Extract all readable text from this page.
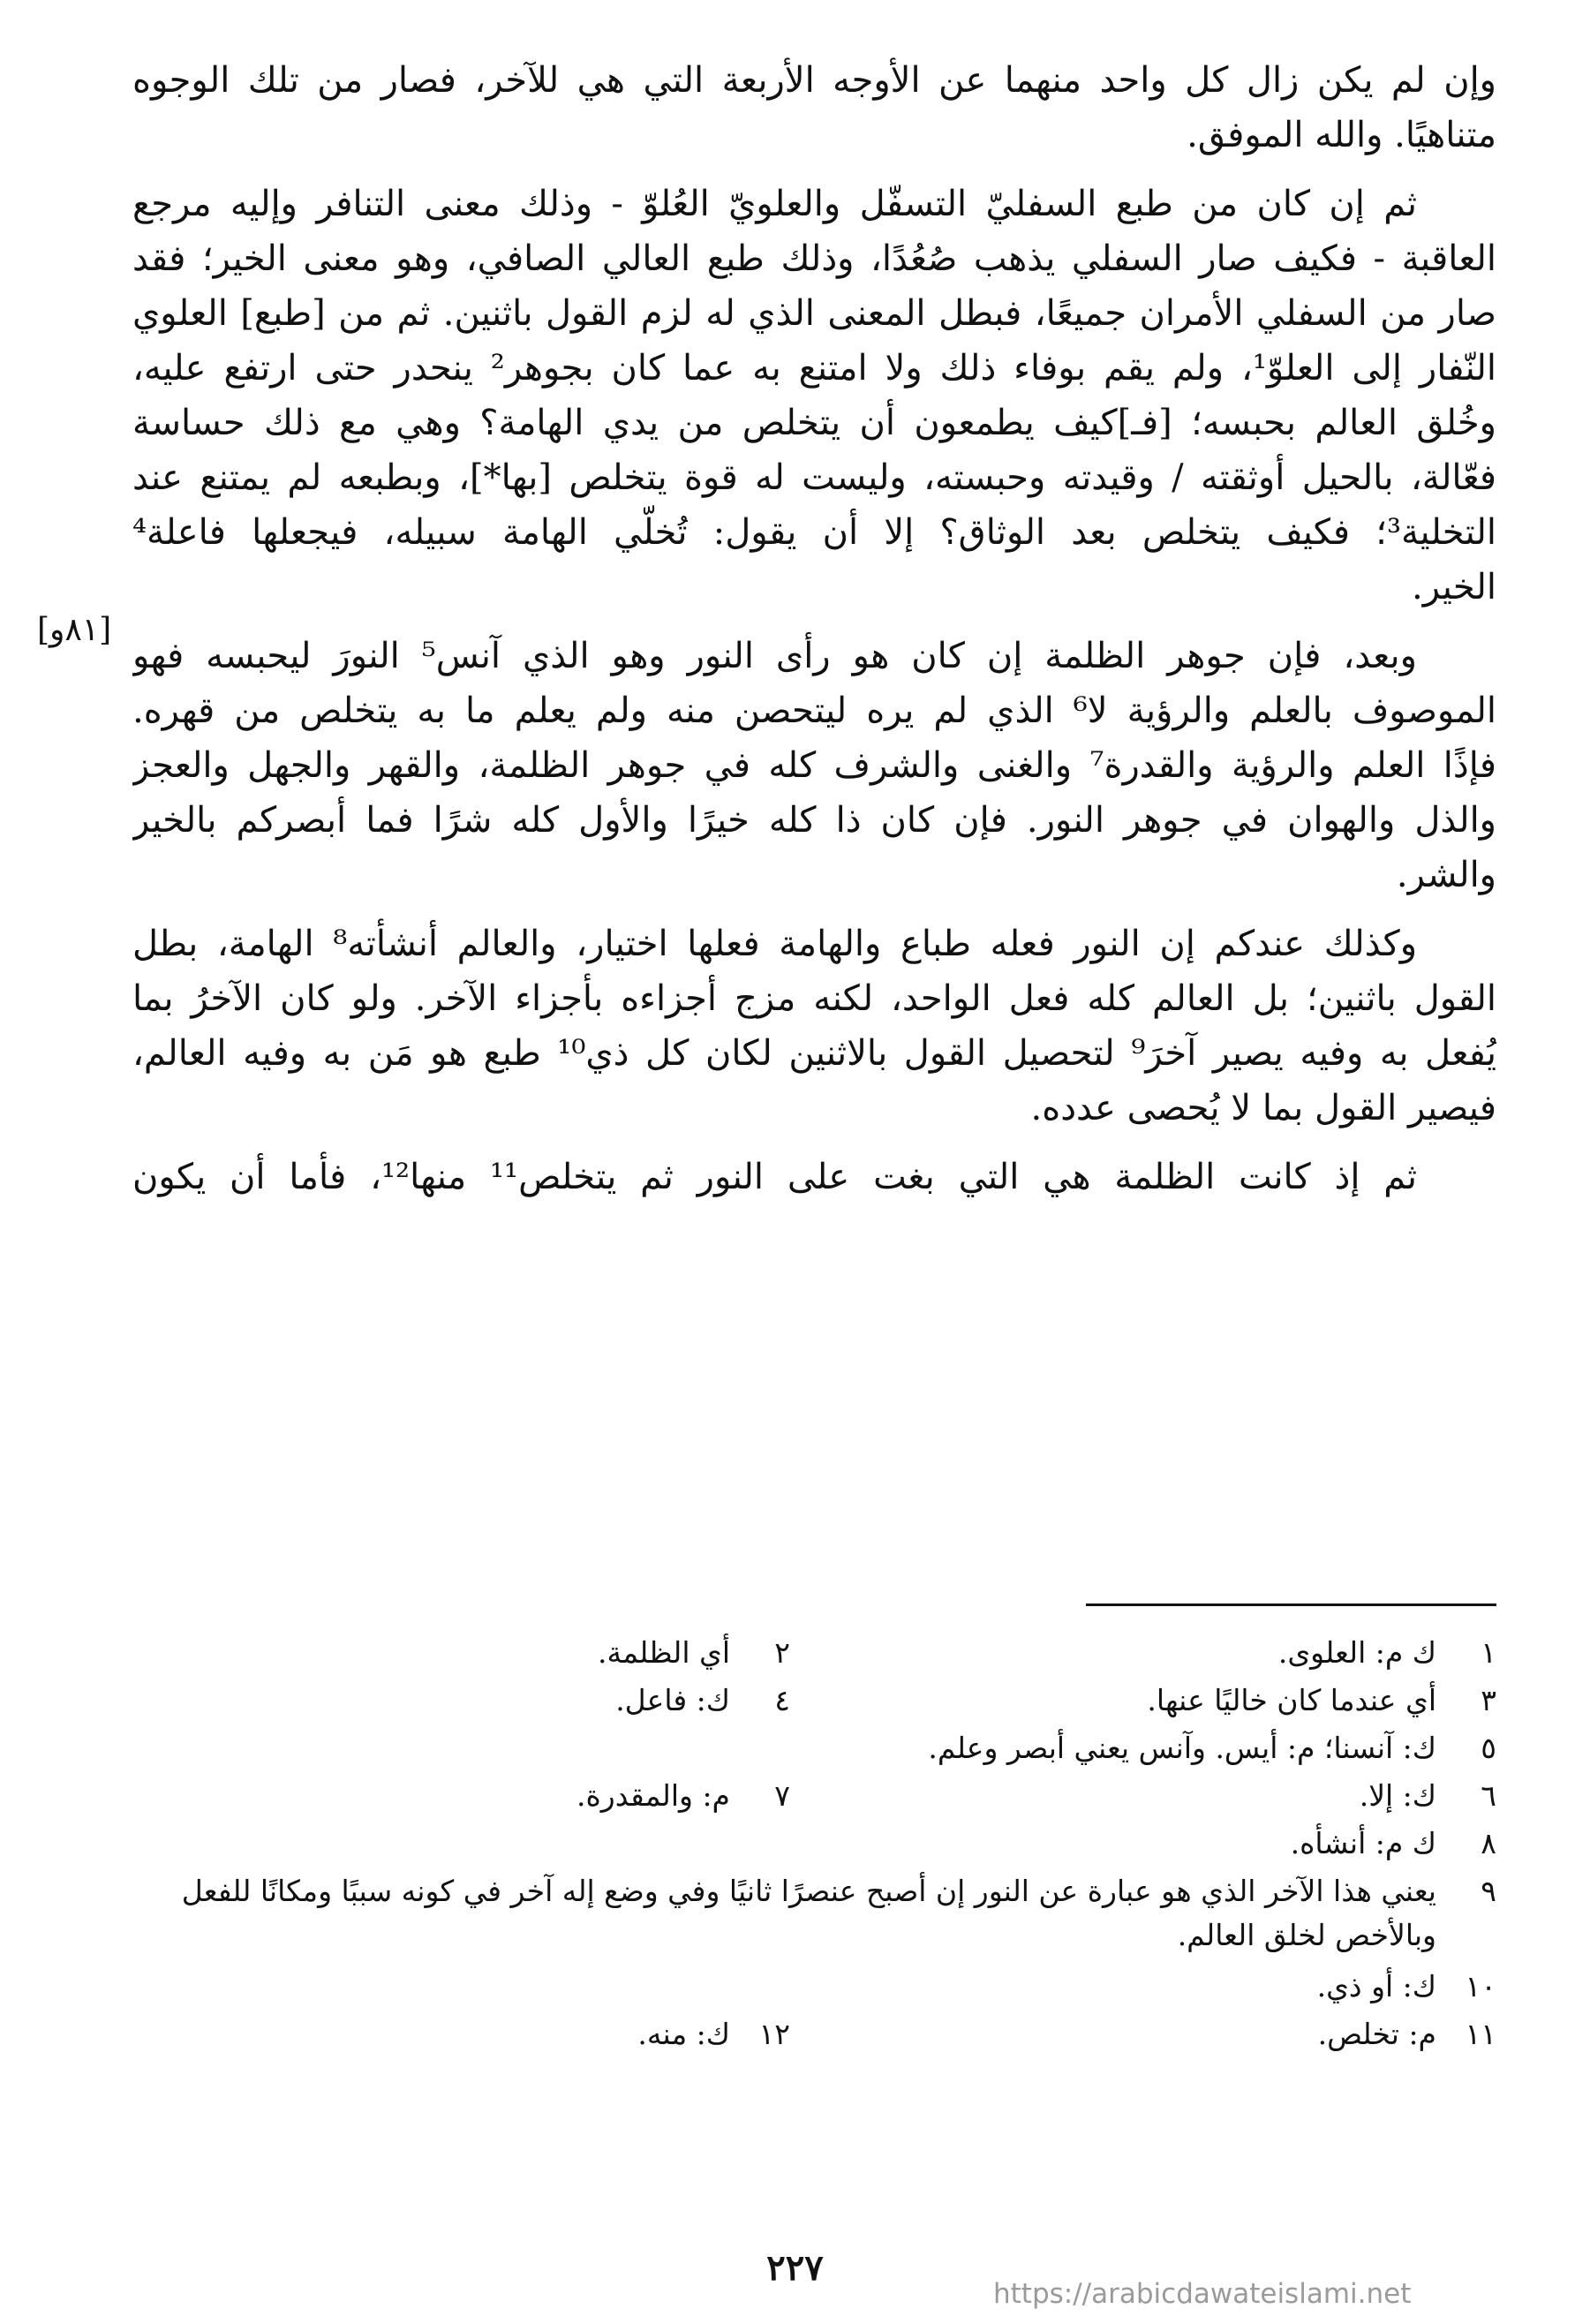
وإن لم يكن زال كل واحد منهما عن الأوجه الأربعة التي هي للآخر، فصار من تلك الوجوه
متناهيًا. والله الموفق.
ثم إن كان من طبع السفليّ التسفّل والعلويّ العُلوّ - وذلك معنى التنافر وإليه مرجع
العاقبة - فكيف صار السفلي يذهب صُعُدًا، وذلك طبع العالي الصافي، وهو معنى الخير؛ فقد
صار من السفلي الأمران جميعًا، فبطل المعنى الذي له لزم القول باثنين. ثم من [طبع] العلوي
النّفار إلى العلوّ¹، ولم يقم بوفاء ذلك ولا امتنع به عما كان بجوهر² ينحدر حتى ارتفع عليه،
وخُلق العالم بحبسه؛ [فـ]كيف يطمعون أن يتخلص من يدي الهامة؟ وهي مع ذلك حساسة
فعّالة، بالحيل أوثقته / وقيدته وحبسته، وليست له قوة يتخلص [بها*]، وبطبعه لم يمتنع عند
التخلية³؛ فكيف يتخلص بعد الوثاق؟ إلا أن يقول: تُخلّي الهامة سبيله، فيجعلها فاعلة⁴
الخير.
وبعد، فإن جوهر الظلمة إن كان هو رأى النور وهو الذي آنس⁵ النورَ ليحبسه فهو
الموصوف بالعلم والرؤية لا⁶ الذي لم يره ليتحصن منه ولم يعلم ما به يتخلص من قهره.
فإذًا العلم والرؤية والقدرة⁷ والغنى والشرف كله في جوهر الظلمة، والقهر والجهل والعجز
والذل والهوان في جوهر النور. فإن كان ذا كله خيرًا والأول كله شرًا فما أبصركم بالخير
والشر.
وكذلك عندكم إن النور فعله طباع والهامة فعلها اختيار، والعالم أنشأته⁸ الهامة، بطل
القول باثنين؛ بل العالم كله فعل الواحد، لكنه مزج أجزاءه بأجزاء الآخر. ولو كان الآخرُ بما
يُفعل به وفيه يصير آخرَ⁹ لتحصيل القول بالاثنين لكان كل ذي¹⁰ طبع هو مَن به وفيه العالم،
فيصير القول بما لا يُحصى عدده.
ثم إذ كانت الظلمة هي التي بغت على النور ثم يتخلص¹¹ منها¹²، فأما أن يكون
[٨١و]
١
ك م: العلوى.
٢
أي الظلمة.
٣
أي عندما كان خاليًا عنها.
٤
ك: فاعل.
٥
ك: آنسنا؛ م: أيس. وآنس يعني أبصر وعلم.
٦
ك: إلا.
٧
م: والمقدرة.
٨
ك م: أنشأه.
٩
يعني هذا الآخر الذي هو عبارة عن النور إن أصبح عنصرًا ثانيًا وفي وضع إله آخر في كونه سببًا ومكانًا للفعل وبالأخص لخلق العالم.
١٠
ك: أو ذي.
١١
م: تخلص.
١٢
ك: منه.
٢٢٧
https://arabicdawateislami.net
